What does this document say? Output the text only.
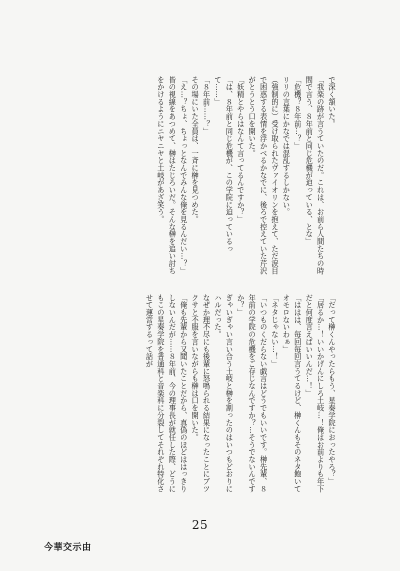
で深く頷いた。
「我楽の跡が言うていたのだ。これは、お前ら人間たちの時間で言う、８年前と同じ危機が迫っている、とな」
「危機？８年前…？」
リリの言葉にかなでは混乱するしかない。
（強制的に）受け取られたヴァイオリンを抱えて、ただ涙目で困惑する表情を浮かべるかなでに、後ろで控えていた芹沢がとうとう口を開いた。
「妖精とやらはなんて言ってるんですか？」
「は、８年前と同じ危機が、この学院に迫っているって……」
「８年前……？」
その場にいた全員は、一斉に榊を見つめた。
「え…？ちょ、ちょっとなんでみんな俺を見るんだい…？」
皆の視線をあつめて、榊はたじろいだ。そんな榊を追い討ちをかけるようにニヤニヤと土岐があざ笑う。
「だって榊くんやったらもう、星奏学院におったやろ？」
「居るか…！いいかげんにしろ土岐…！俺はお前よりも年下だと何度言えばいいんだ…！」
「ははは、毎回毎回言うてるけど、榊くんもそのネタ飽いてオモロないわぁ」
「ネタじゃない…！」
「いつものくだらない戯言はどうでもいいです。榊先輩、８年前の学院の危機をご存じなんですか？…そうでないんですか？」
ぎゃいぎゃい言い合う土岐と榊を割ったのはいつもどおりにハルだった。
なぜか理不尽にも後輩に怒鳴られる結果になったことにブツクサと不服を言いながらも榊は口を開いた。
「俺も先輩から又聞いたことだから、真偽のほどははっきりしないんだが……８年前、今の理事長が就任した際、どうにもこの星奏学院を普通科と音楽科に分裂してそれぞれ特化させて運営するって話が
25
今華交示由
